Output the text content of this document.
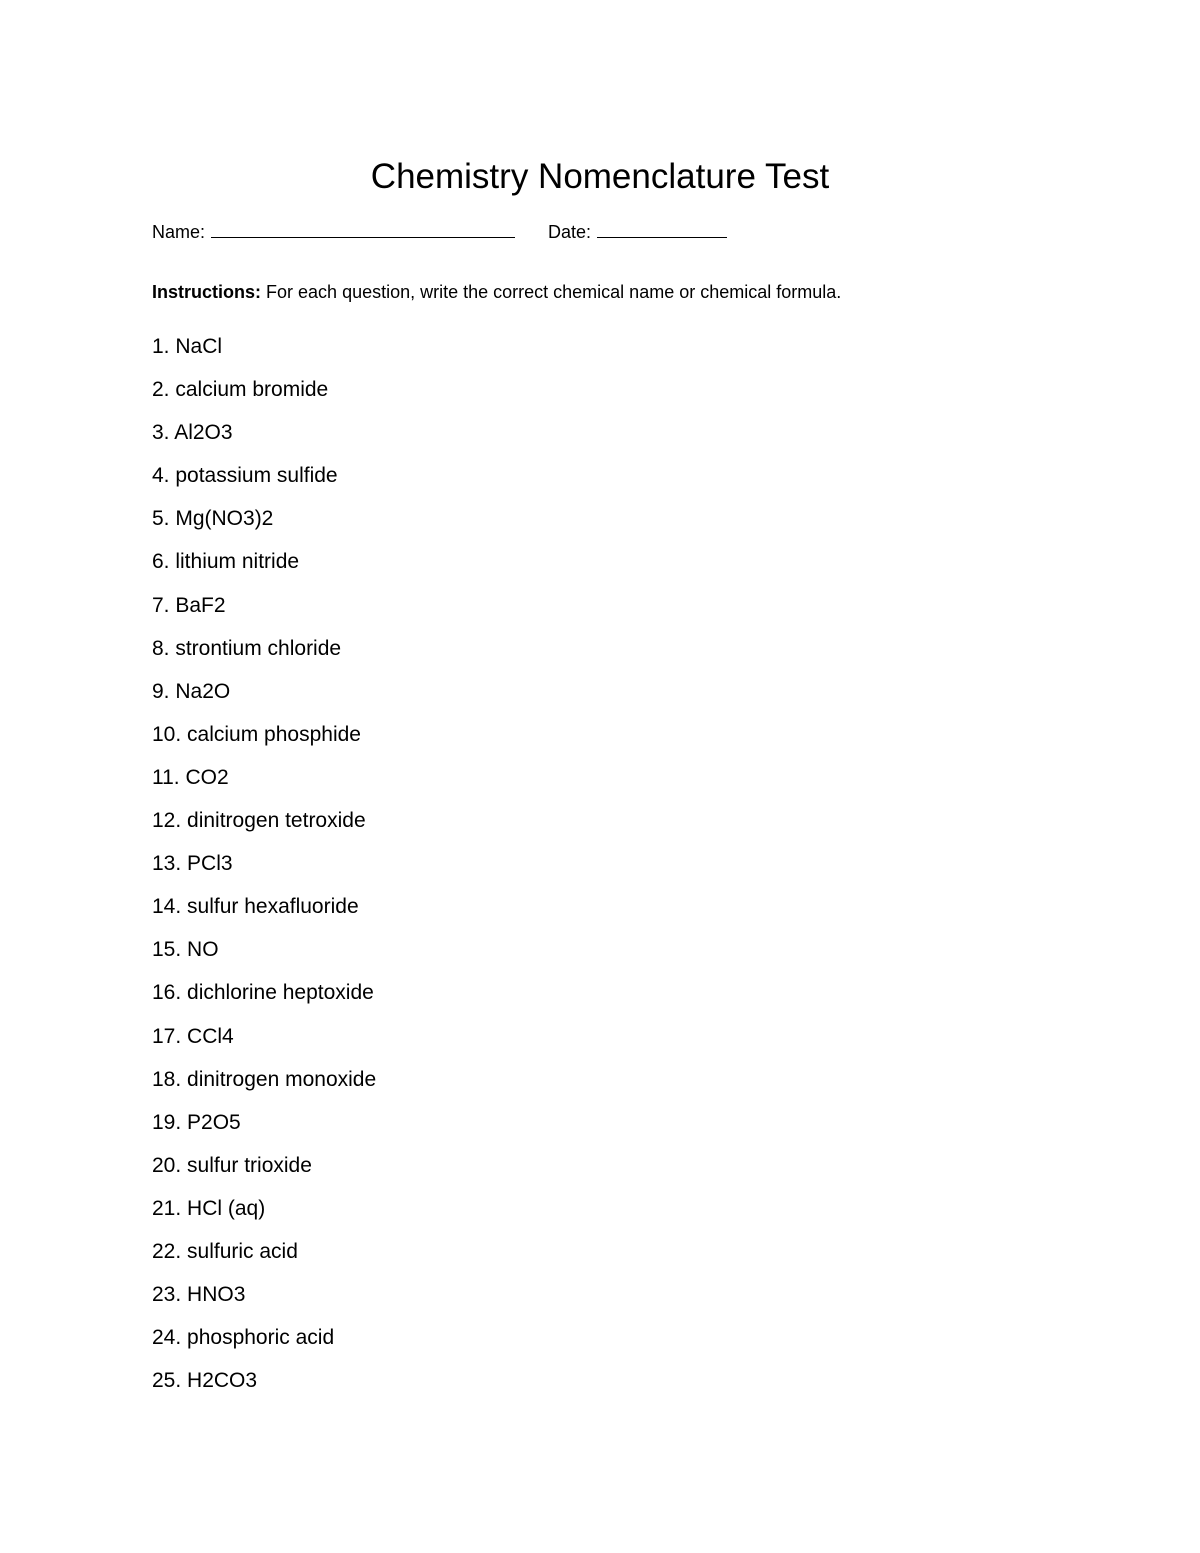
Chemistry Nomenclature Test
Name:	Date:
Instructions: For each question, write the correct chemical name or chemical formula.
1. NaCl
2. calcium bromide
3. Al2O3
4. potassium sulfide
5. Mg(NO3)2
6. lithium nitride
7. BaF2
8. strontium chloride
9. Na2O
10. calcium phosphide
11. CO2
12. dinitrogen tetroxide
13. PCl3
14. sulfur hexafluoride
15. NO
16. dichlorine heptoxide
17. CCl4
18. dinitrogen monoxide
19. P2O5
20. sulfur trioxide
21. HCl (aq)
22. sulfuric acid
23. HNO3
24. phosphoric acid
25. H2CO3
